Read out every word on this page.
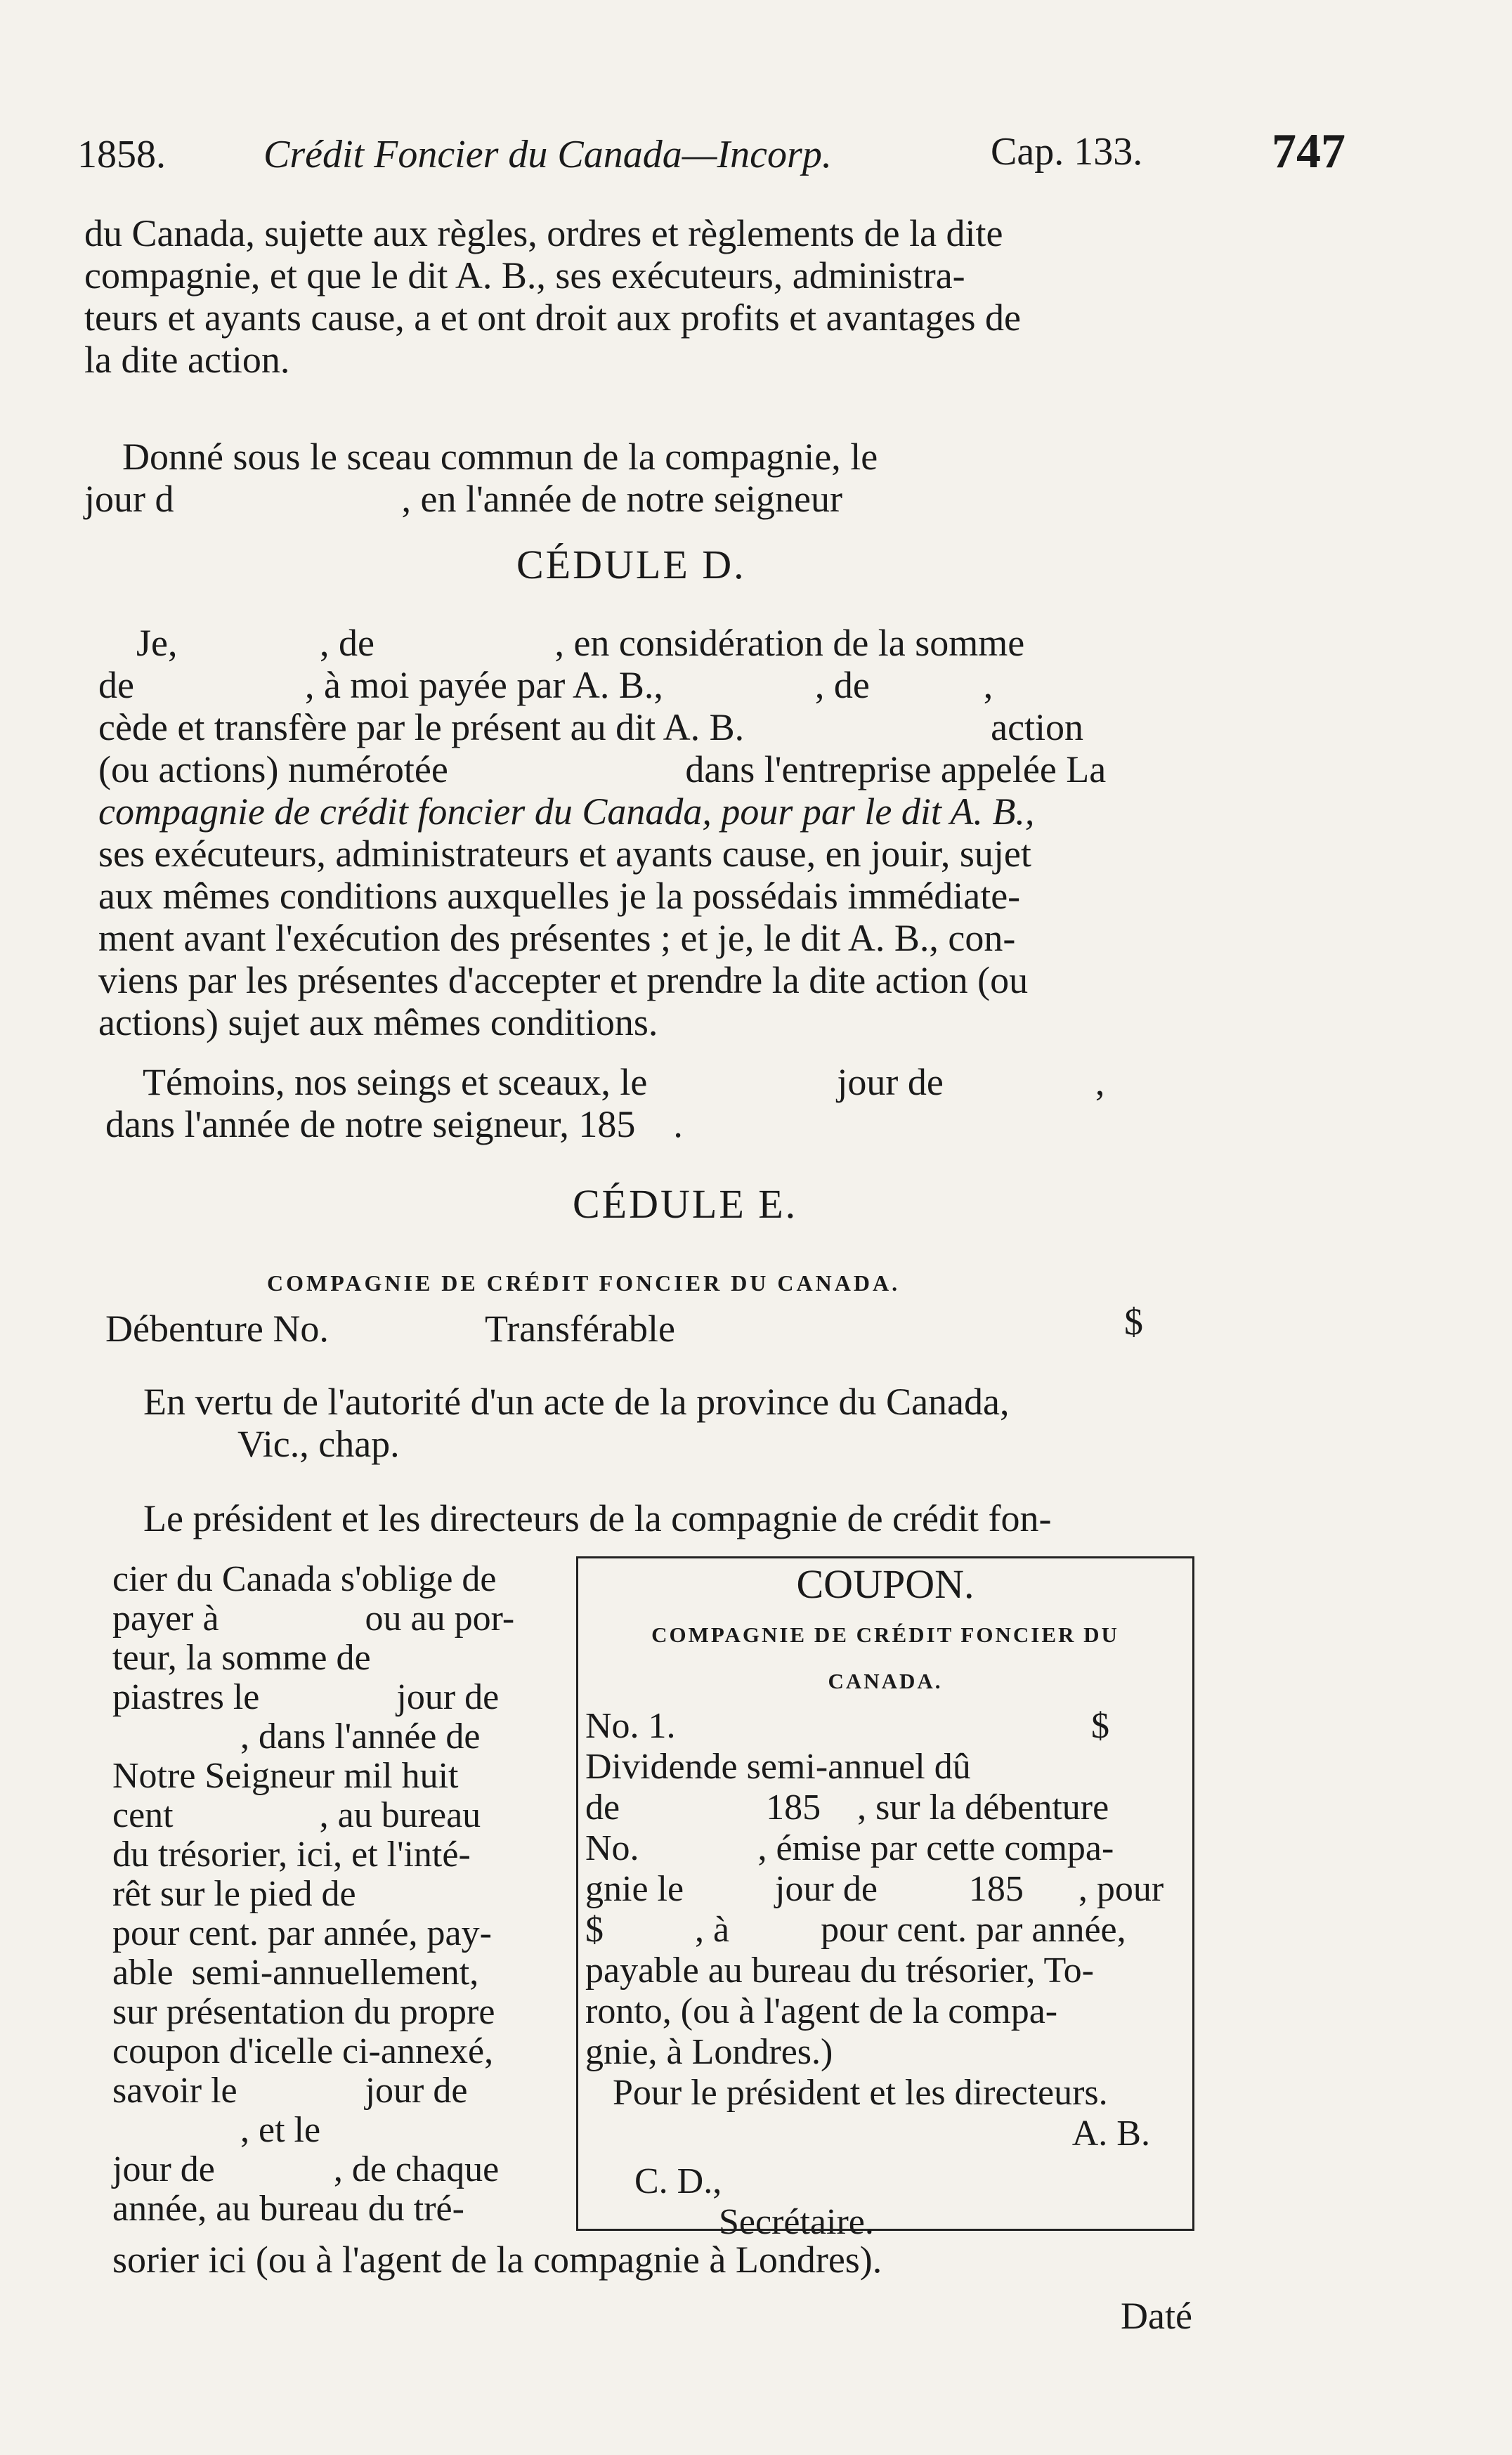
1858. Crédit Foncier du Canada—Incorp.	Cap. 133.	747
du Canada, sujette aux règles, ordres et règlements de la dite
compagnie, et que le dit A. B., ses exécuteurs, administra-
teurs et ayants cause, a et ont droit aux profits et avantages de
la dite action.
Donné sous le sceau commun de la compagnie, le
jour d                        , en l'année de notre seigneur
CÉDULE D.
Je,               , de                   , en considération de la somme
de                  , à moi payée par A. B.,                , de            ,
cède et transfère par le présent au dit A. B.                          action
(ou actions) numérotée                         dans l'entreprise appelée La
compagnie de crédit foncier du Canada, pour par le dit A. B.,
ses exécuteurs, administrateurs et ayants cause, en jouir, sujet
aux mêmes conditions auxquelles je la possédais immédiate-
ment avant l'exécution des présentes ; et je, le dit A. B., con-
viens par les présentes d'accepter et prendre la dite action (ou
actions) sujet aux mêmes conditions.
Témoins, nos seings et sceaux, le                    jour de                ,
dans l'année de notre seigneur, 185    .
CÉDULE E.
COMPAGNIE DE CRÉDIT FONCIER DU CANADA.
Débenture No.	Transférable	$
En vertu de l'autorité d'un acte de la province du Canada,
Vic., chap.
Le président et les directeurs de la compagnie de crédit fon-
cier du Canada s'oblige de
payer à                ou au por-
teur, la somme de
piastres le               jour de
, dans l'année de
Notre Seigneur mil huit
cent                , au bureau
du trésorier, ici, et l'inté-
rêt sur le pied de
pour cent. par année, pay-
able  semi-annuellement,
sur présentation du propre
coupon d'icelle ci-annexé,
savoir le              jour de
, et le
jour de             , de chaque
année, au bureau du tré-
COUPON.
COMPAGNIE DE CRÉDIT FONCIER DU
CANADA.
No. 1.	$
Dividende semi-annuel dû
de                185    , sur la débenture
No.             , émise par cette compa-
gnie le          jour de          185      , pour
$          , à          pour cent. par année,
payable au bureau du trésorier, To-
ronto, (ou à l'agent de la compa-
gnie, à Londres.)
Pour le président et les directeurs.
A. B.
C. D.,
Secrétaire.
sorier ici (ou à l'agent de la compagnie à Londres).
Daté
